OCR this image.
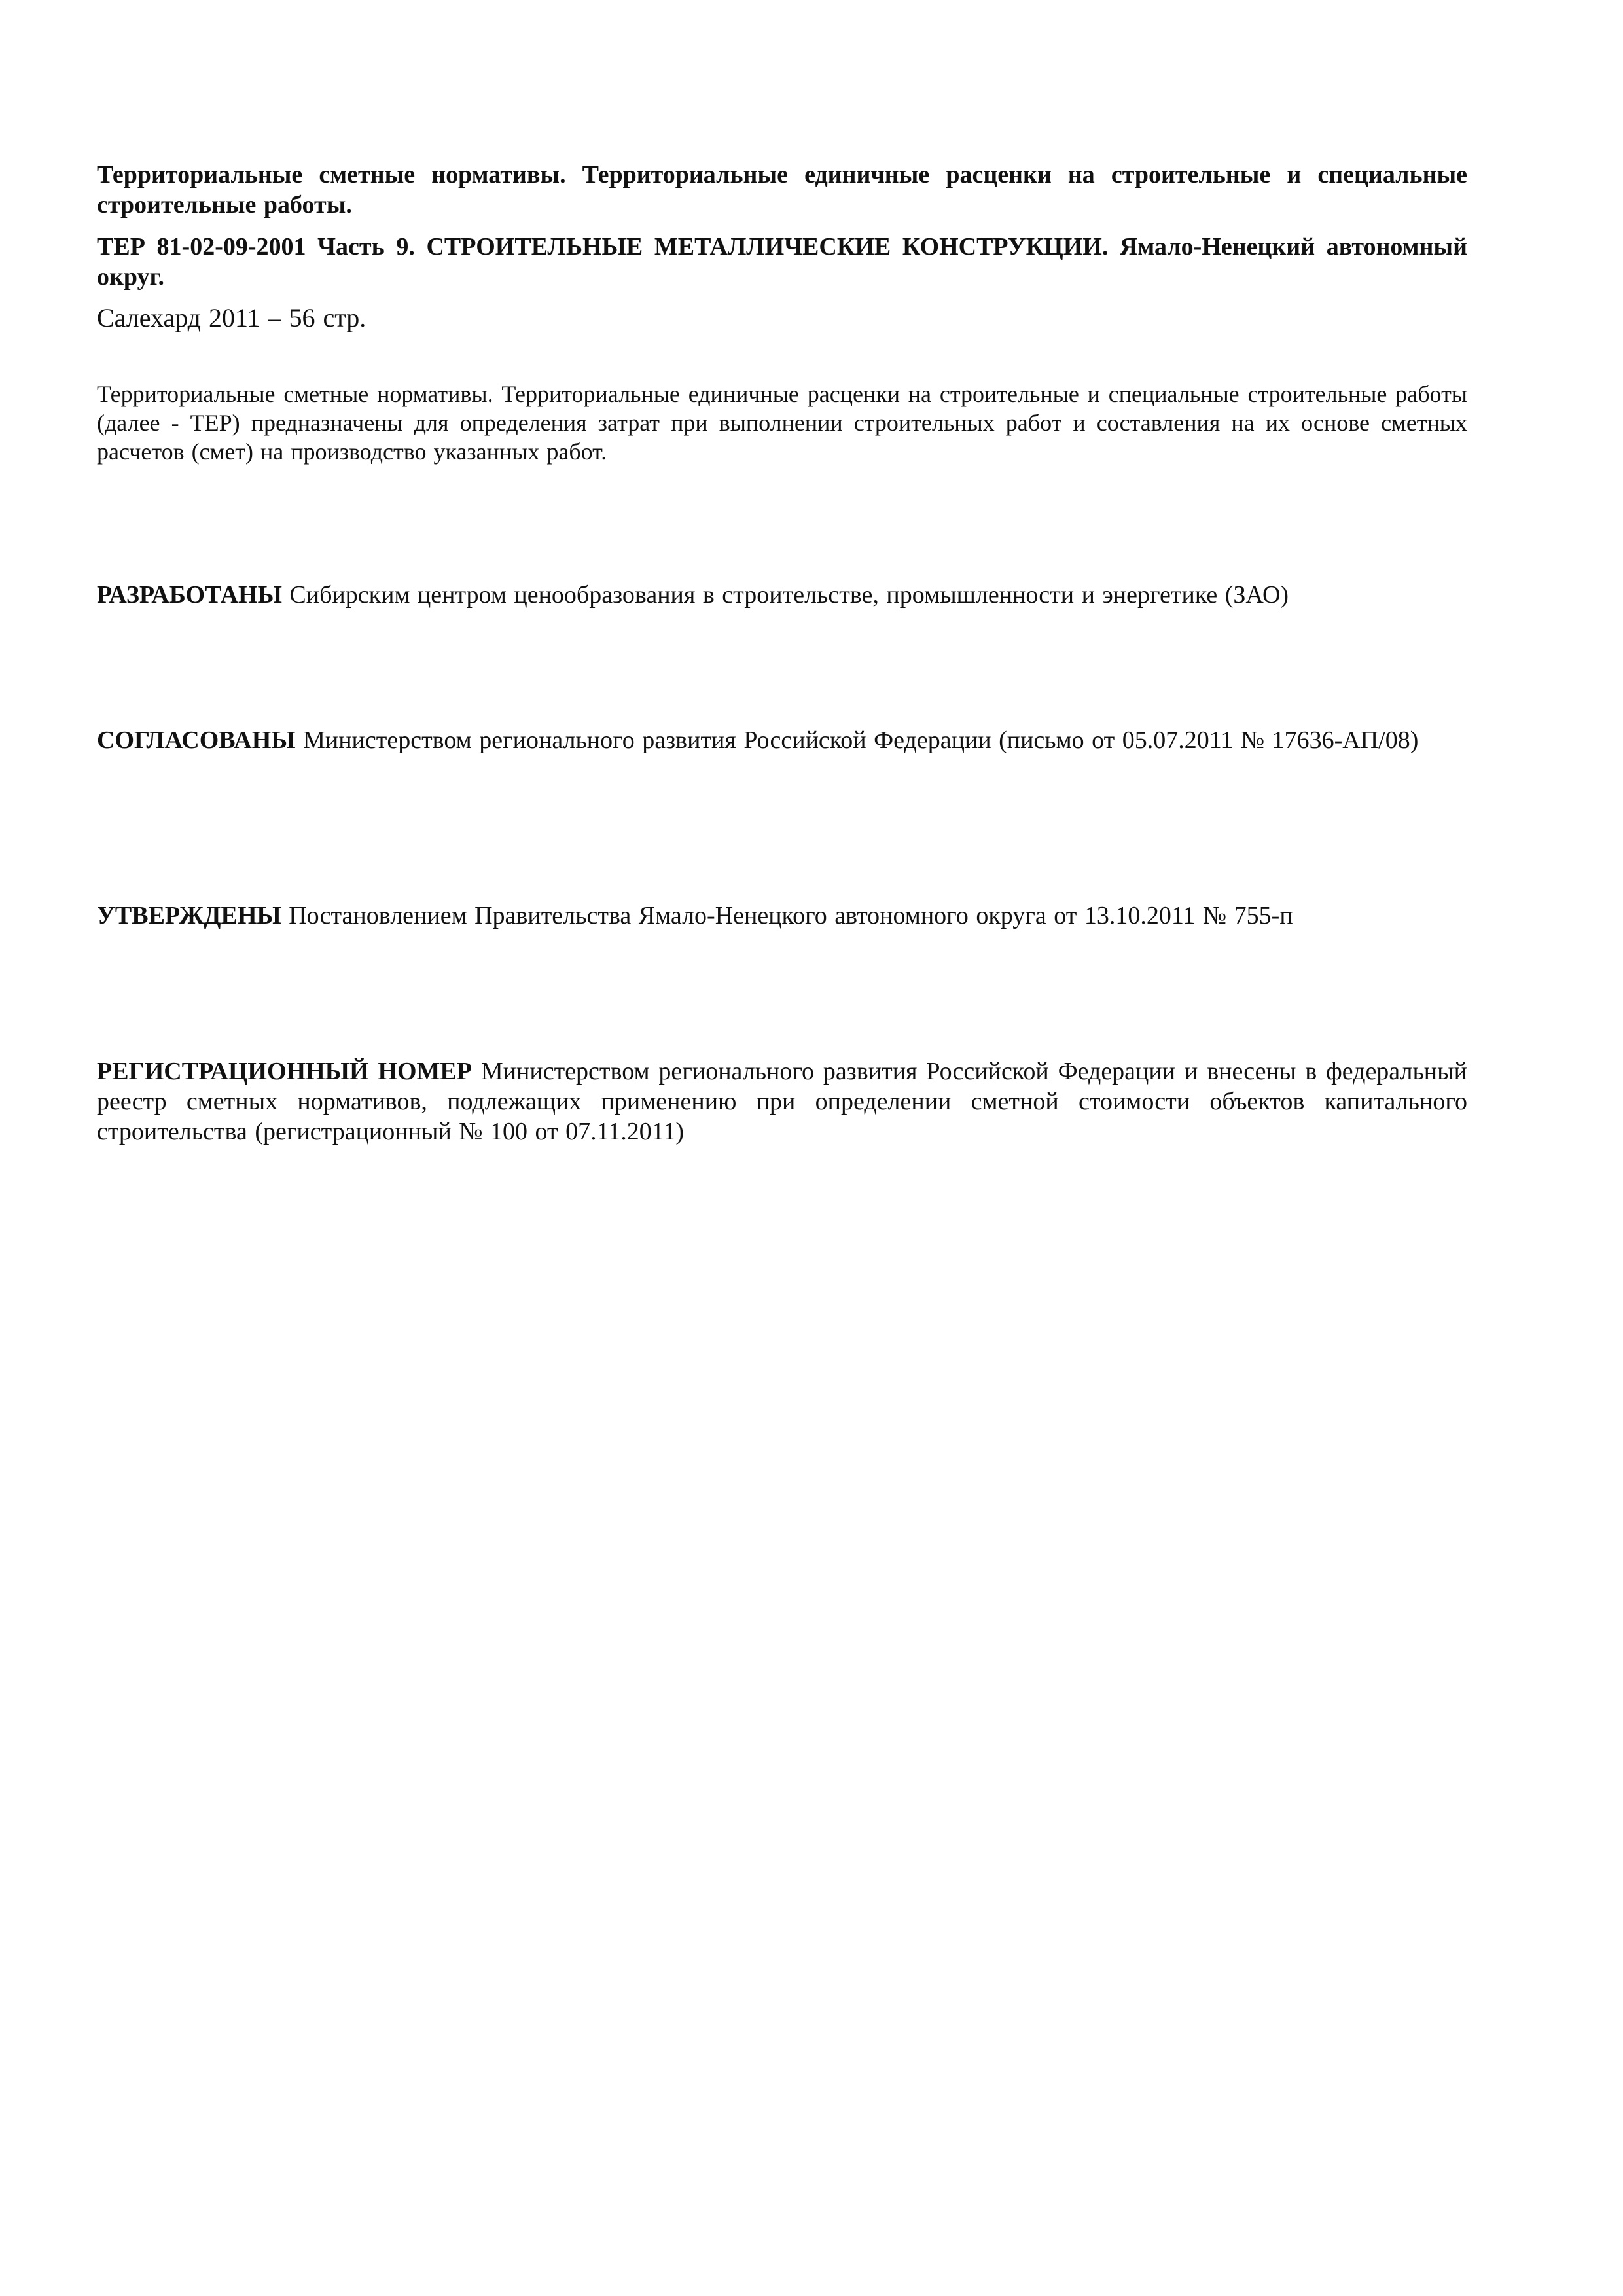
Территориальные сметные нормативы. Территориальные единичные расценки на строительные и специальные строительные работы.
ТЕР 81-02-09-2001 Часть 9. СТРОИТЕЛЬНЫЕ МЕТАЛЛИЧЕСКИЕ КОНСТРУКЦИИ. Ямало-Ненецкий автономный округ.
Салехард 2011 – 56 стр.
Территориальные сметные нормативы. Территориальные единичные расценки на строительные и специальные строительные работы (далее - ТЕР) предназначены для определения затрат при выполнении строительных работ и составления на их основе сметных расчетов (смет) на производство указанных работ.
РАЗРАБОТАНЫ Сибирским центром ценообразования в строительстве, промышленности и энергетике (ЗАО)
СОГЛАСОВАНЫ Министерством регионального развития Российской Федерации (письмо от 05.07.2011 № 17636-АП/08)
УТВЕРЖДЕНЫ Постановлением Правительства Ямало-Ненецкого автономного округа от 13.10.2011 № 755-п
РЕГИСТРАЦИОННЫЙ НОМЕР Министерством регионального развития Российской Федерации и внесены в федеральный реестр сметных нормативов, подлежащих применению при определении сметной стоимости объектов капитального строительства (регистрационный № 100 от 07.11.2011)
